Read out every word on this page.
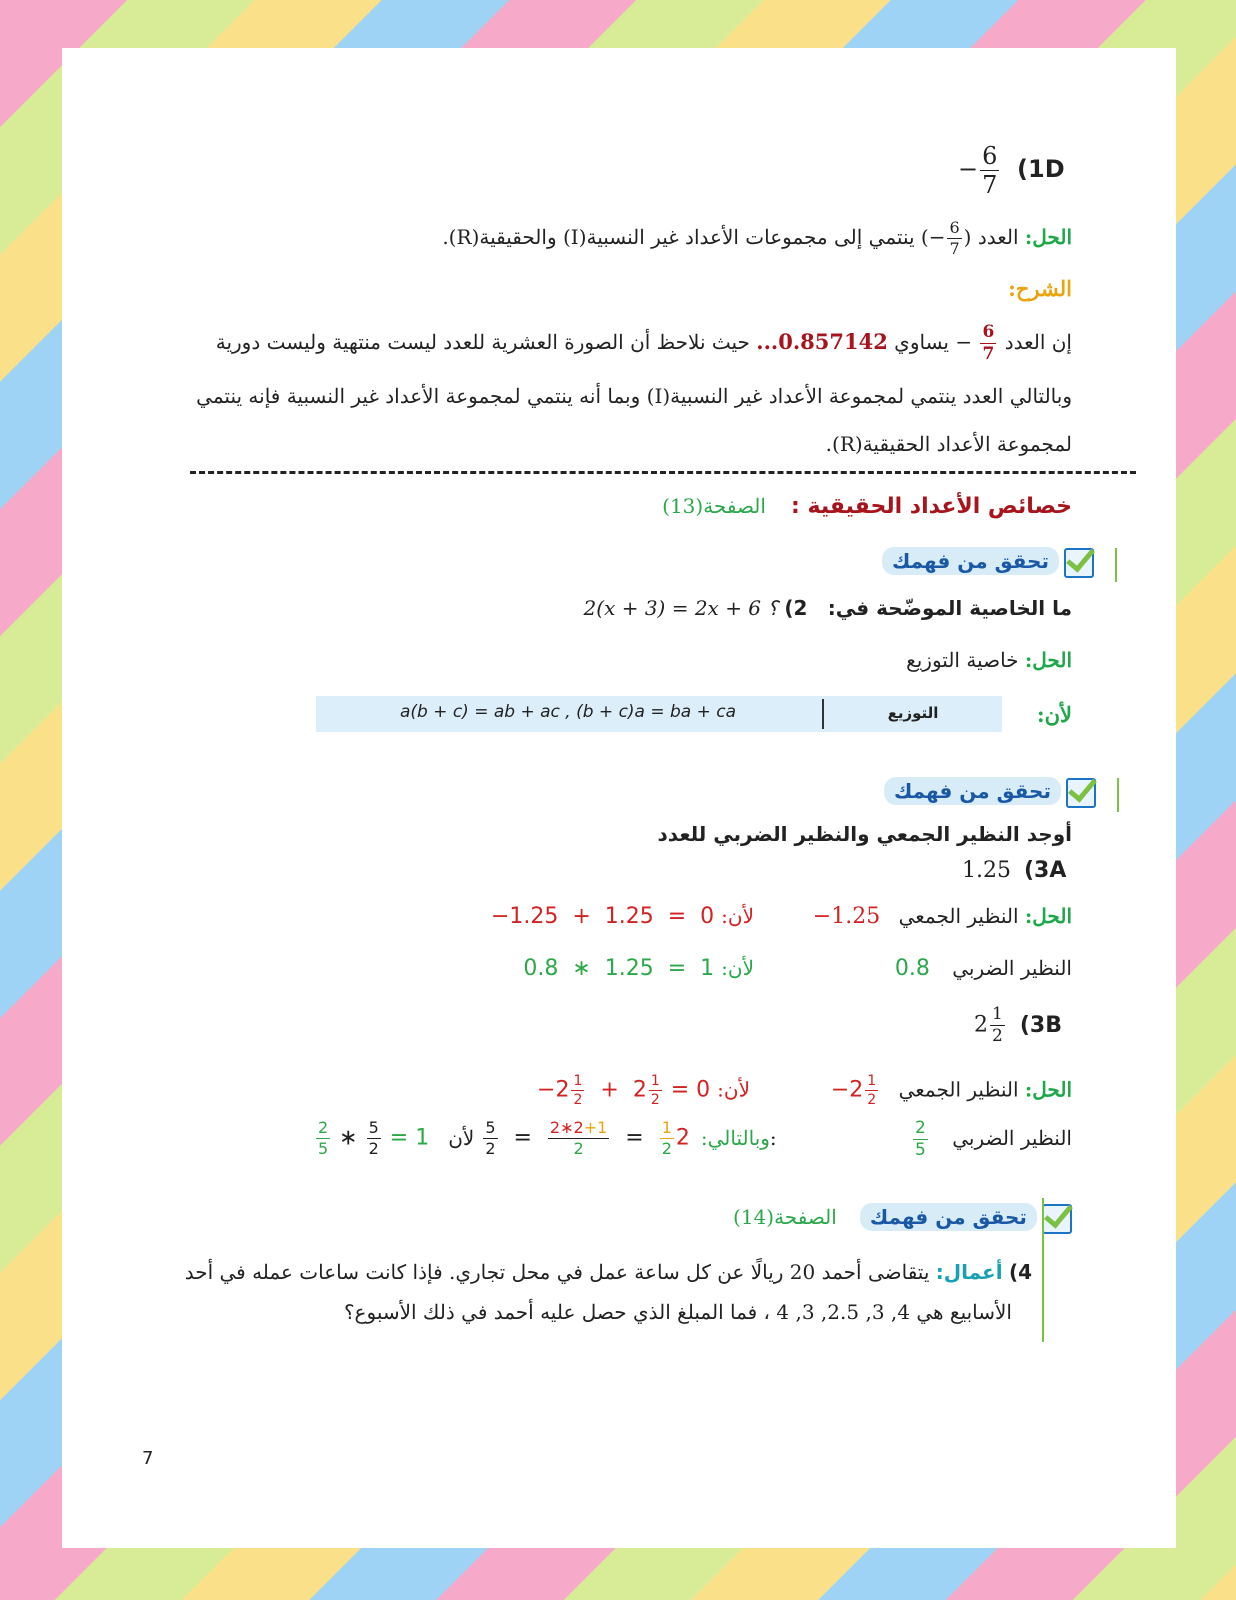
− $\frac{6}{7} (1D$
الحل: العدد (− $\frac{6}{7}$
) ينتمي إلى مجموعات الأعداد غير النسبية(I) والحقيقية(R).
الشرح:
إن العدد − $\frac{6}{7}$
يساوي ...0.857142 حيث نلاحظ أن الصورة العشرية للعدد ليست منتهية وليست دورية
وبالتالي العدد ينتمي لمجموعة الأعداد غير النسبية(I) وبما أنه ينتمي لمجموعة الأعداد غير النسبية فإنه ينتمي
لمجموعة الأعداد الحقيقية(R).
خصائص الأعداد الحقيقية : الصفحة(13)
تحقق من فهمك
ما الخاصية الموضّحة في: 2) 2(x + 3) = 2x + 6 ؟
الحل: خاصية التوزيع
لأن:
a(b + c) = ab + ac , (b + c)a = ba + ca	التوزيع
تحقق من فهمك
أوجد النظير الجمعي والنظير الضربي للعدد
1.25 (3A
الحل: النظير الجمعي −1.25
لأن: −1.25  +  1.25  =  0
النظير الضربي 0.8
لأن: 0.8  ∗  1.25  =  1
$2 \frac{1}{2} (3B$
الحل: النظير الجمعي $-2 \frac{1}{2}$
لأن: $-2 \frac{1}{2} + 2 \frac{1}{2} = 0$
النظير الضربي
$\frac{2}{5}$
$\frac{2}{5}$ ∗ $\frac{5}{2} = 1$	وبالتالي: 2
$\frac{1}{2}$
=
$\frac{2∗2+1}{2}$
=
$\frac{5}{2}$
لأن:
تحقق من فهمك الصفحة(14)
4) أعمال: يتقاضى أحمد 20 ريالًا عن كل ساعة عمل في محل تجاري. فإذا كانت ساعات عمله في أحد
الأسابيع هي 4, 3, 2.5, 3, 4 ، فما المبلغ الذي حصل عليه أحمد في ذلك الأسبوع؟
7
